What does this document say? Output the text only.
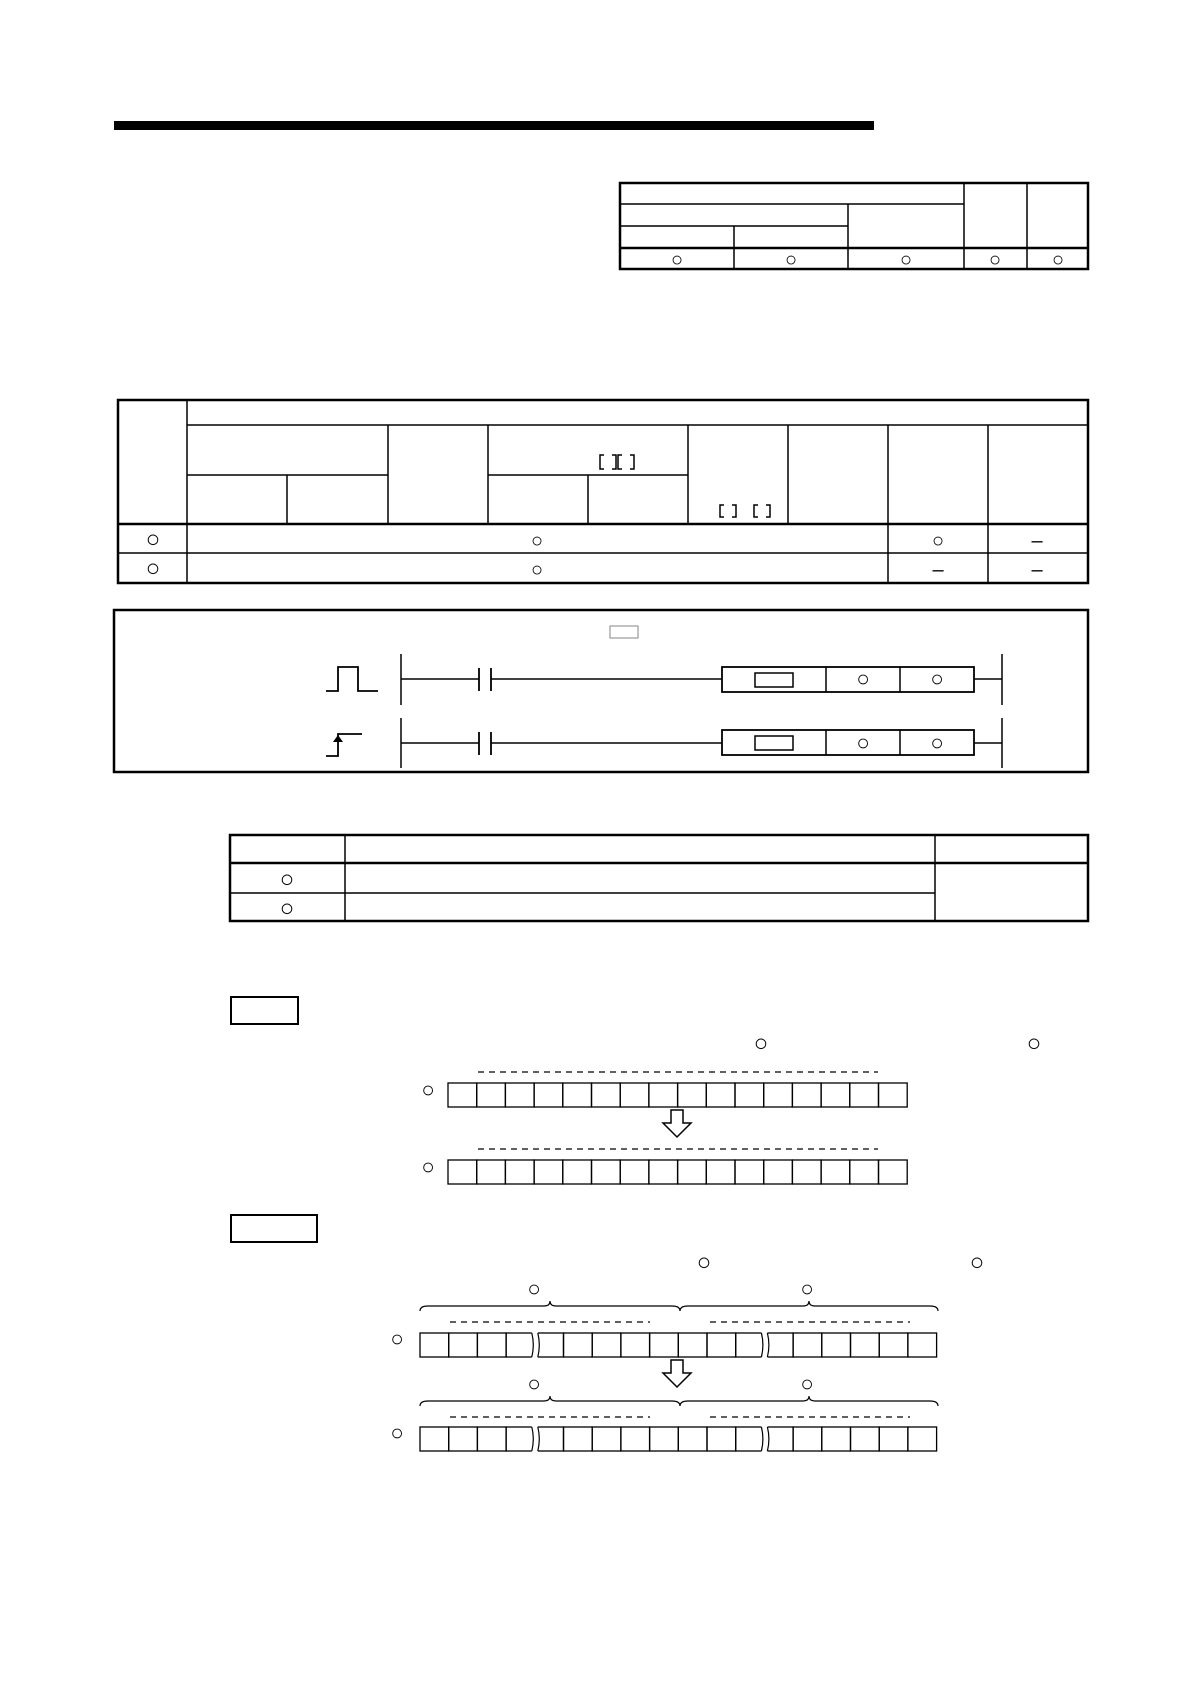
○	○	○	○	○
○	○	○	–
○	○	–	–
○	○
○	○
○
○
○	○
○
○
○	○
○	○
○	○
○
○
